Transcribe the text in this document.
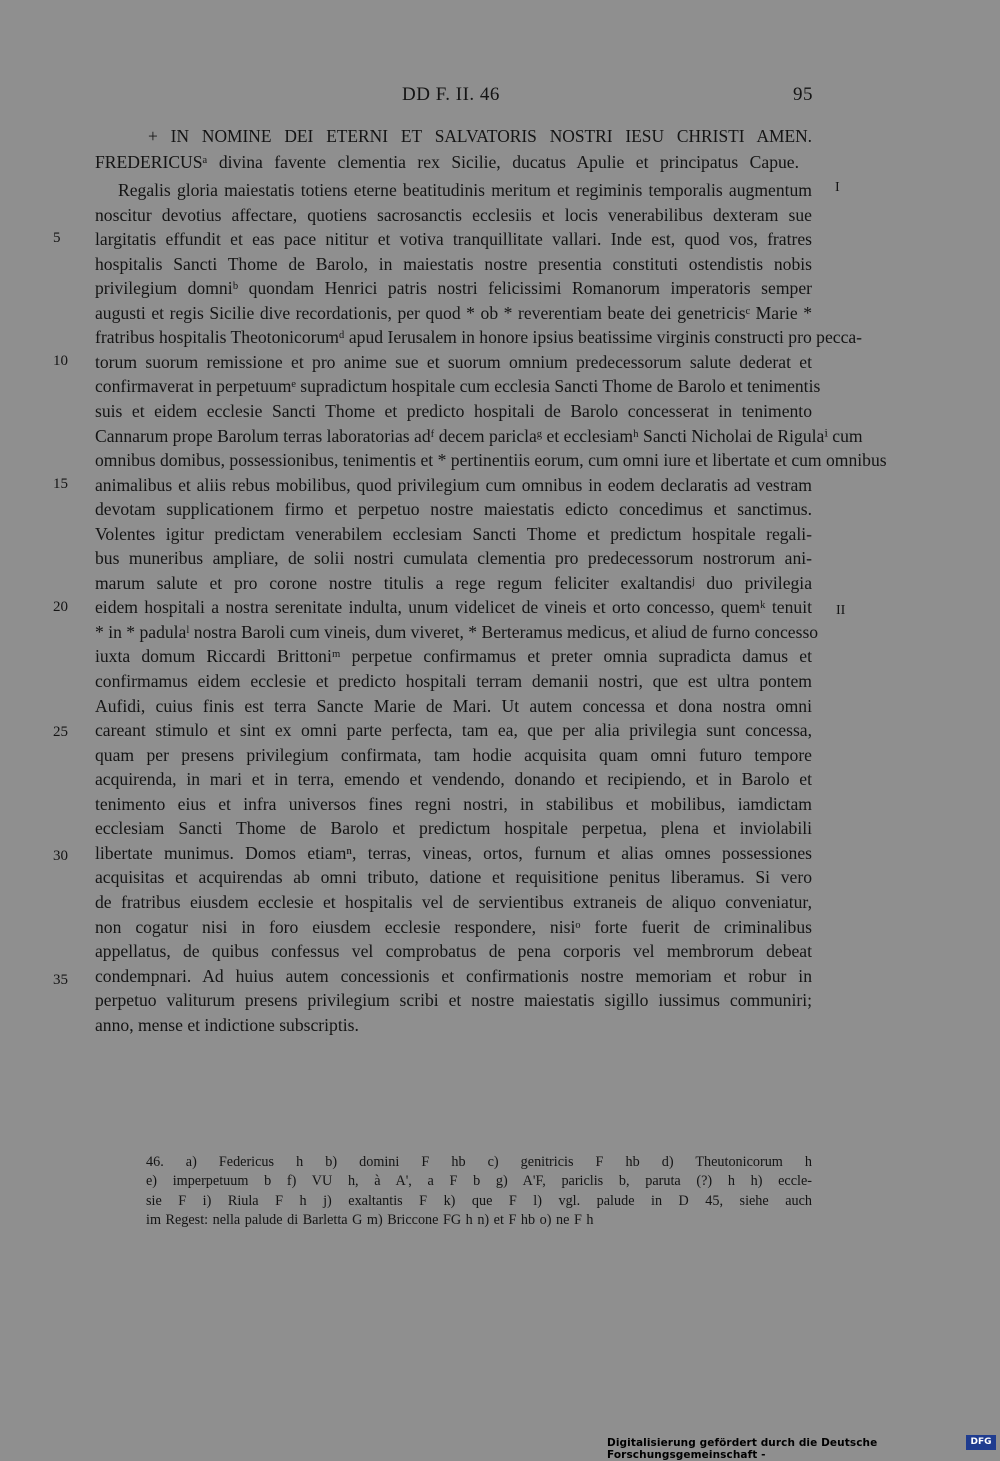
DD F. II. 46	95
+ IN NOMINE DEI ETERNI ET SALVATORIS NOSTRI IESU CHRISTI AMEN.
FREDERICUSᵃ divina favente clementia rex Sicilie, ducatus Apulie et principatus Capue.
Regalis gloria maiestatis totiens eterne beatitudinis meritum et regiminis temporalis augmentum
noscitur devotius affectare, quotiens sacrosanctis ecclesiis et locis venerabilibus dexteram sue
largitatis effundit et eas pace nititur et votiva tranquillitate vallari. Inde est, quod vos, fratres
hospitalis Sancti Thome de Barolo, in maiestatis nostre presentia constituti ostendistis nobis
privilegium domniᵇ quondam Henrici patris nostri felicissimi Romanorum imperatoris semper
augusti et regis Sicilie dive recordationis, per quod * ob * reverentiam beate dei genetricisᶜ Marie *
fratribus hospitalis Theotonicorumᵈ apud Ierusalem in honore ipsius beatissime virginis constructi pro pecca-
torum suorum remissione et pro anime sue et suorum omnium predecessorum salute dederat et
confirmaverat in perpetuumᵉ supradictum hospitale cum ecclesia Sancti Thome de Barolo et tenimentis
suis et eidem ecclesie Sancti Thome et predicto hospitali de Barolo concesserat in tenimento
Cannarum prope Barolum terras laboratorias adᶠ decem pariclaᵍ et ecclesiamʰ Sancti Nicholai de Rigulaⁱ cum
omnibus domibus, possessionibus, tenimentis et * pertinentiis eorum, cum omni iure et libertate et cum omnibus
animalibus et aliis rebus mobilibus, quod privilegium cum omnibus in eodem declaratis ad vestram
devotam supplicationem firmo et perpetuo nostre maiestatis edicto concedimus et sanctimus.
Volentes igitur predictam venerabilem ecclesiam Sancti Thome et predictum hospitale regali-
bus muneribus ampliare, de solii nostri cumulata clementia pro predecessorum nostrorum ani-
marum salute et pro corone nostre titulis a rege regum feliciter exaltandisʲ duo privilegia
eidem hospitali a nostra serenitate indulta, unum videlicet de vineis et orto concesso, quemᵏ tenuit
* in * padulaˡ nostra Baroli cum vineis, dum viveret, * Berteramus medicus, et aliud de furno concesso
iuxta domum Riccardi Brittoniᵐ perpetue confirmamus et preter omnia supradicta damus et
confirmamus eidem ecclesie et predicto hospitali terram demanii nostri, que est ultra pontem
Aufidi, cuius finis est terra Sancte Marie de Mari. Ut autem concessa et dona nostra omni
careant stimulo et sint ex omni parte perfecta, tam ea, que per alia privilegia sunt concessa,
quam per presens privilegium confirmata, tam hodie acquisita quam omni futuro tempore
acquirenda, in mari et in terra, emendo et vendendo, donando et recipiendo, et in Barolo et
tenimento eius et infra universos fines regni nostri, in stabilibus et mobilibus, iamdictam
ecclesiam Sancti Thome de Barolo et predictum hospitale perpetua, plena et inviolabili
libertate munimus. Domos etiamⁿ, terras, vineas, ortos, furnum et alias omnes possessiones
acquisitas et acquirendas ab omni tributo, datione et requisitione penitus liberamus. Si vero
de fratribus eiusdem ecclesie et hospitalis vel de servientibus extraneis de aliquo conveniatur,
non cogatur nisi in foro eiusdem ecclesie respondere, nisiᵒ forte fuerit de criminalibus
appellatus, de quibus confessus vel comprobatus de pena corporis vel membrorum debeat
condempnari. Ad huius autem concessionis et confirmationis nostre memoriam et robur in
perpetuo valiturum presens privilegium scribi et nostre maiestatis sigillo iussimus communiri;
anno, mense et indictione subscriptis.
5
10
15
20
25
30
35
I
II
46. a) Federicus h b) domini F hb c) genitricis F hb d) Theutonicorum h
e) imperpetuum b f) VU h, à A', a F b g) A'F, pariclis b, paruta (?) h h) eccle-
sie F i) Riula F h j) exaltantis F k) que F l) vgl. palude in D 45, siehe auch
im Regest: nella palude di Barletta G m) Briccone FG h n) et F hb o) ne F h
Digitalisierung gefördert durch die Deutsche Forschungsgemeinschaft -
DFG
